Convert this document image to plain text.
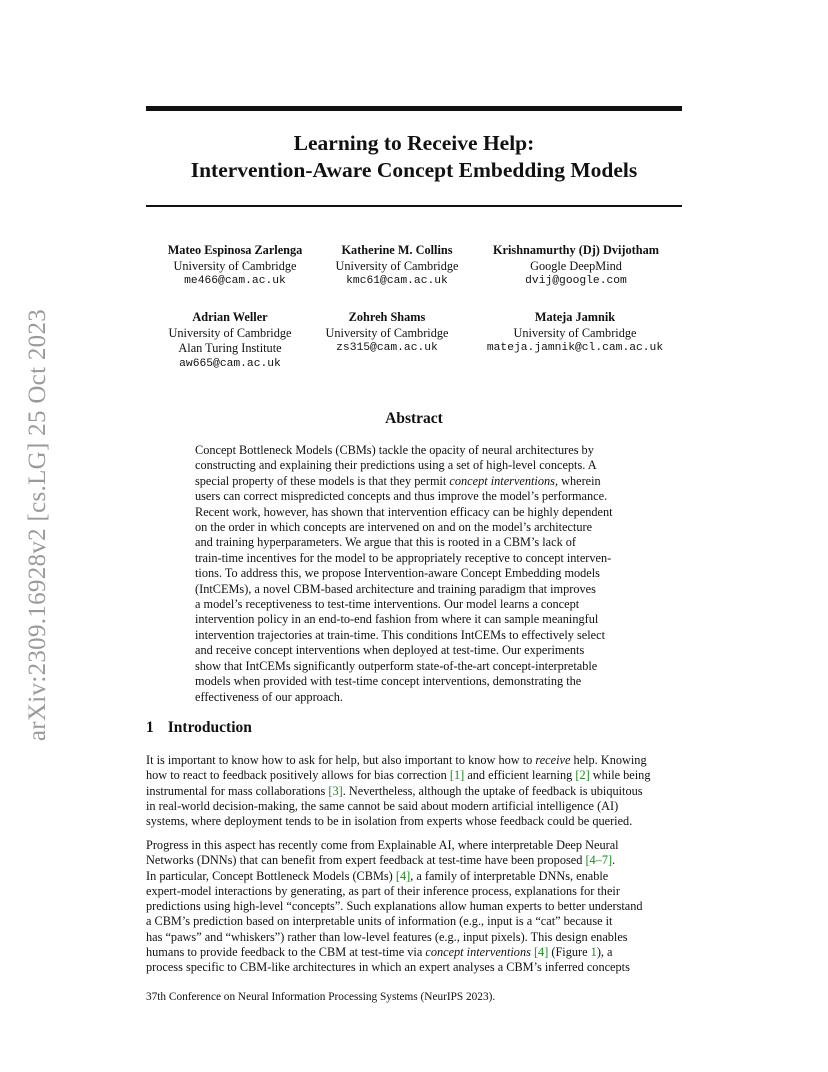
arXiv:2309.16928v2 [cs.LG] 25 Oct 2023
Learning to Receive Help:
Intervention-Aware Concept Embedding Models
Mateo Espinosa Zarlenga
University of Cambridge
me466@cam.ac.uk
Katherine M. Collins
University of Cambridge
kmc61@cam.ac.uk
Krishnamurthy (Dj) Dvijotham
Google DeepMind
dvij@google.com
Adrian Weller
University of Cambridge
Alan Turing Institute
aw665@cam.ac.uk
Zohreh Shams
University of Cambridge
zs315@cam.ac.uk
Mateja Jamnik
University of Cambridge
mateja.jamnik@cl.cam.ac.uk
Abstract
Concept Bottleneck Models (CBMs) tackle the opacity of neural architectures by
constructing and explaining their predictions using a set of high-level concepts. A
special property of these models is that they permit concept interventions, wherein
users can correct mispredicted concepts and thus improve the model’s performance.
Recent work, however, has shown that intervention efficacy can be highly dependent
on the order in which concepts are intervened on and on the model’s architecture
and training hyperparameters. We argue that this is rooted in a CBM’s lack of
train-time incentives for the model to be appropriately receptive to concept interven-
tions. To address this, we propose Intervention-aware Concept Embedding models
(IntCEMs), a novel CBM-based architecture and training paradigm that improves
a model’s receptiveness to test-time interventions. Our model learns a concept
intervention policy in an end-to-end fashion from where it can sample meaningful
intervention trajectories at train-time. This conditions IntCEMs to effectively select
and receive concept interventions when deployed at test-time. Our experiments
show that IntCEMs significantly outperform state-of-the-art concept-interpretable
models when provided with test-time concept interventions, demonstrating the
effectiveness of our approach.
1 Introduction
It is important to know how to ask for help, but also important to know how to receive help. Knowing
how to react to feedback positively allows for bias correction [1] and efficient learning [2] while being
instrumental for mass collaborations [3]. Nevertheless, although the uptake of feedback is ubiquitous
in real-world decision-making, the same cannot be said about modern artificial intelligence (AI)
systems, where deployment tends to be in isolation from experts whose feedback could be queried.
Progress in this aspect has recently come from Explainable AI, where interpretable Deep Neural
Networks (DNNs) that can benefit from expert feedback at test-time have been proposed [4–7].
In particular, Concept Bottleneck Models (CBMs) [4], a family of interpretable DNNs, enable
expert-model interactions by generating, as part of their inference process, explanations for their
predictions using high-level “concepts”. Such explanations allow human experts to better understand
a CBM’s prediction based on interpretable units of information (e.g., input is a “cat” because it
has “paws” and “whiskers”) rather than low-level features (e.g., input pixels). This design enables
humans to provide feedback to the CBM at test-time via concept interventions [4] (Figure 1), a
process specific to CBM-like architectures in which an expert analyses a CBM’s inferred concepts
37th Conference on Neural Information Processing Systems (NeurIPS 2023).
